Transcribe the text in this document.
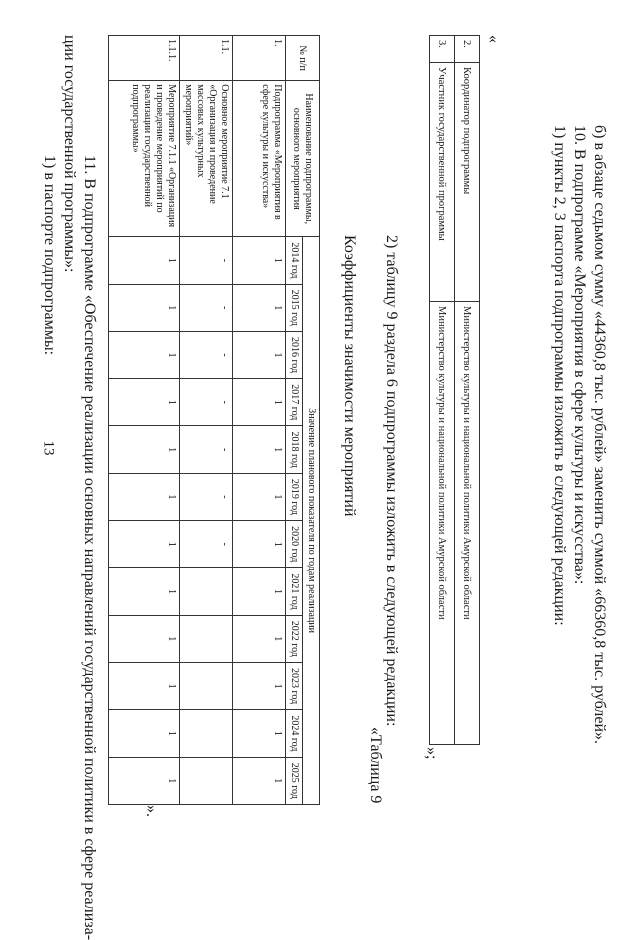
13	б) в абзаце седьмом сумму «44360,8 тыс. рублей» заменить суммой «66360,8 тыс. рублей».
10. В подпрограмме «Мероприятия в сфере культуры и искусства»:
1) пункты 2, 3 паспорта подпрограммы изложить в следующей редакции:
«
2.	Координатор подпрограммы	Министерство культуры и национальной политики Амурской области
3.	Участник государственной программы	Министерство культуры и национальной политики Амурской области
»;
2) таблицу 9 раздела 6 подпрограммы изложить в следующей редакции:
«Таблица 9
Коэффициенты значимости мероприятий
№ п/п	Наименование подпрограммы, основного мероприятия	Значение планового показателя по годам реализации											
		2014 год	2015 год	2016 год	2017 год	2018 год	2019 год	2020 год	2021 год	2022 год	2023 год	2024 год	2025 год
1.	Подпрограмма «Мероприятия в сфере культуры и искусства»	1	1	1	1	1	1	1	1	1	1	1	1
1.1.	Основное мероприятие 7.1 «Организация и проведение массовых культурных мероприятий»	-	-	-	-	-	-	-					
1.1.1.	Мероприятие 7.1.1 «Организация и проведение мероприятий по реализации государственной подпрограммы»	1	1	1	1	1	1	1	1	1	1	1	1
».
11. В подпрограмме «Обеспечение реализации основных направлений государственной политики в сфере реализа-
ции государственной программы»:
1) в паспорте подпрограммы:
